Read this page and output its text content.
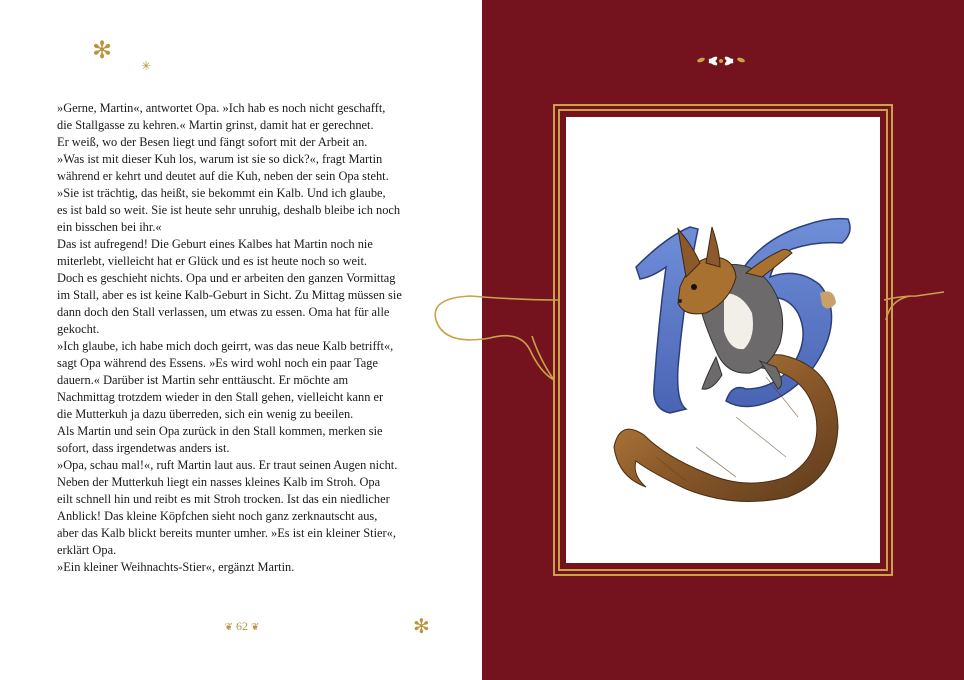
✻
✳

»Gerne, Martin«, antwortet Opa. »Ich hab es noch nicht geschafft,
die Stallgasse zu kehren.« Martin grinst, damit hat er gerechnet.
Er weiß, wo der Besen liegt und fängt sofort mit der Arbeit an.
»Was ist mit dieser Kuh los, warum ist sie so dick?«, fragt Martin
während er kehrt und deutet auf die Kuh, neben der sein Opa steht.
»Sie ist trächtig, das heißt, sie bekommt ein Kalb. Und ich glaube,
es ist bald so weit. Sie ist heute sehr unruhig, deshalb bleibe ich noch
ein bisschen bei ihr.«
Das ist aufregend! Die Geburt eines Kalbes hat Martin noch nie
miterlebt, vielleicht hat er Glück und es ist heute noch so weit.
Doch es geschieht nichts. Opa und er arbeiten den ganzen Vormittag
im Stall, aber es ist keine Kalb-Geburt in Sicht. Zu Mittag müssen sie
dann doch den Stall verlassen, um etwas zu essen. Oma hat für alle
gekocht.
»Ich glaube, ich habe mich doch geirrt, was das neue Kalb betrifft«,
sagt Opa während des Essens. »Es wird wohl noch ein paar Tage
dauern.« Darüber ist Martin sehr enttäuscht. Er möchte am
Nachmittag trotzdem wieder in den Stall gehen, vielleicht kann er
die Mutterkuh ja dazu überreden, sich ein wenig zu beeilen.
Als Martin und sein Opa zurück in den Stall kommen, merken sie
sofort, dass irgendetwas anders ist.
»Opa, schau mal!«, ruft Martin laut aus. Er traut seinen Augen nicht.
Neben der Mutterkuh liegt ein nasses kleines Kalb im Stroh. Opa
eilt schnell hin und reibt es mit Stroh trocken. Ist das ein niedlicher
Anblick! Das kleine Köpfchen sieht noch ganz zerknautscht aus,
aber das Kalb blickt bereits munter umher. »Es ist ein kleiner Stier«,
erklärt Opa.
»Ein kleiner Weihnachts-Stier«, ergänzt Martin.

❦ 62 ❦	✻
